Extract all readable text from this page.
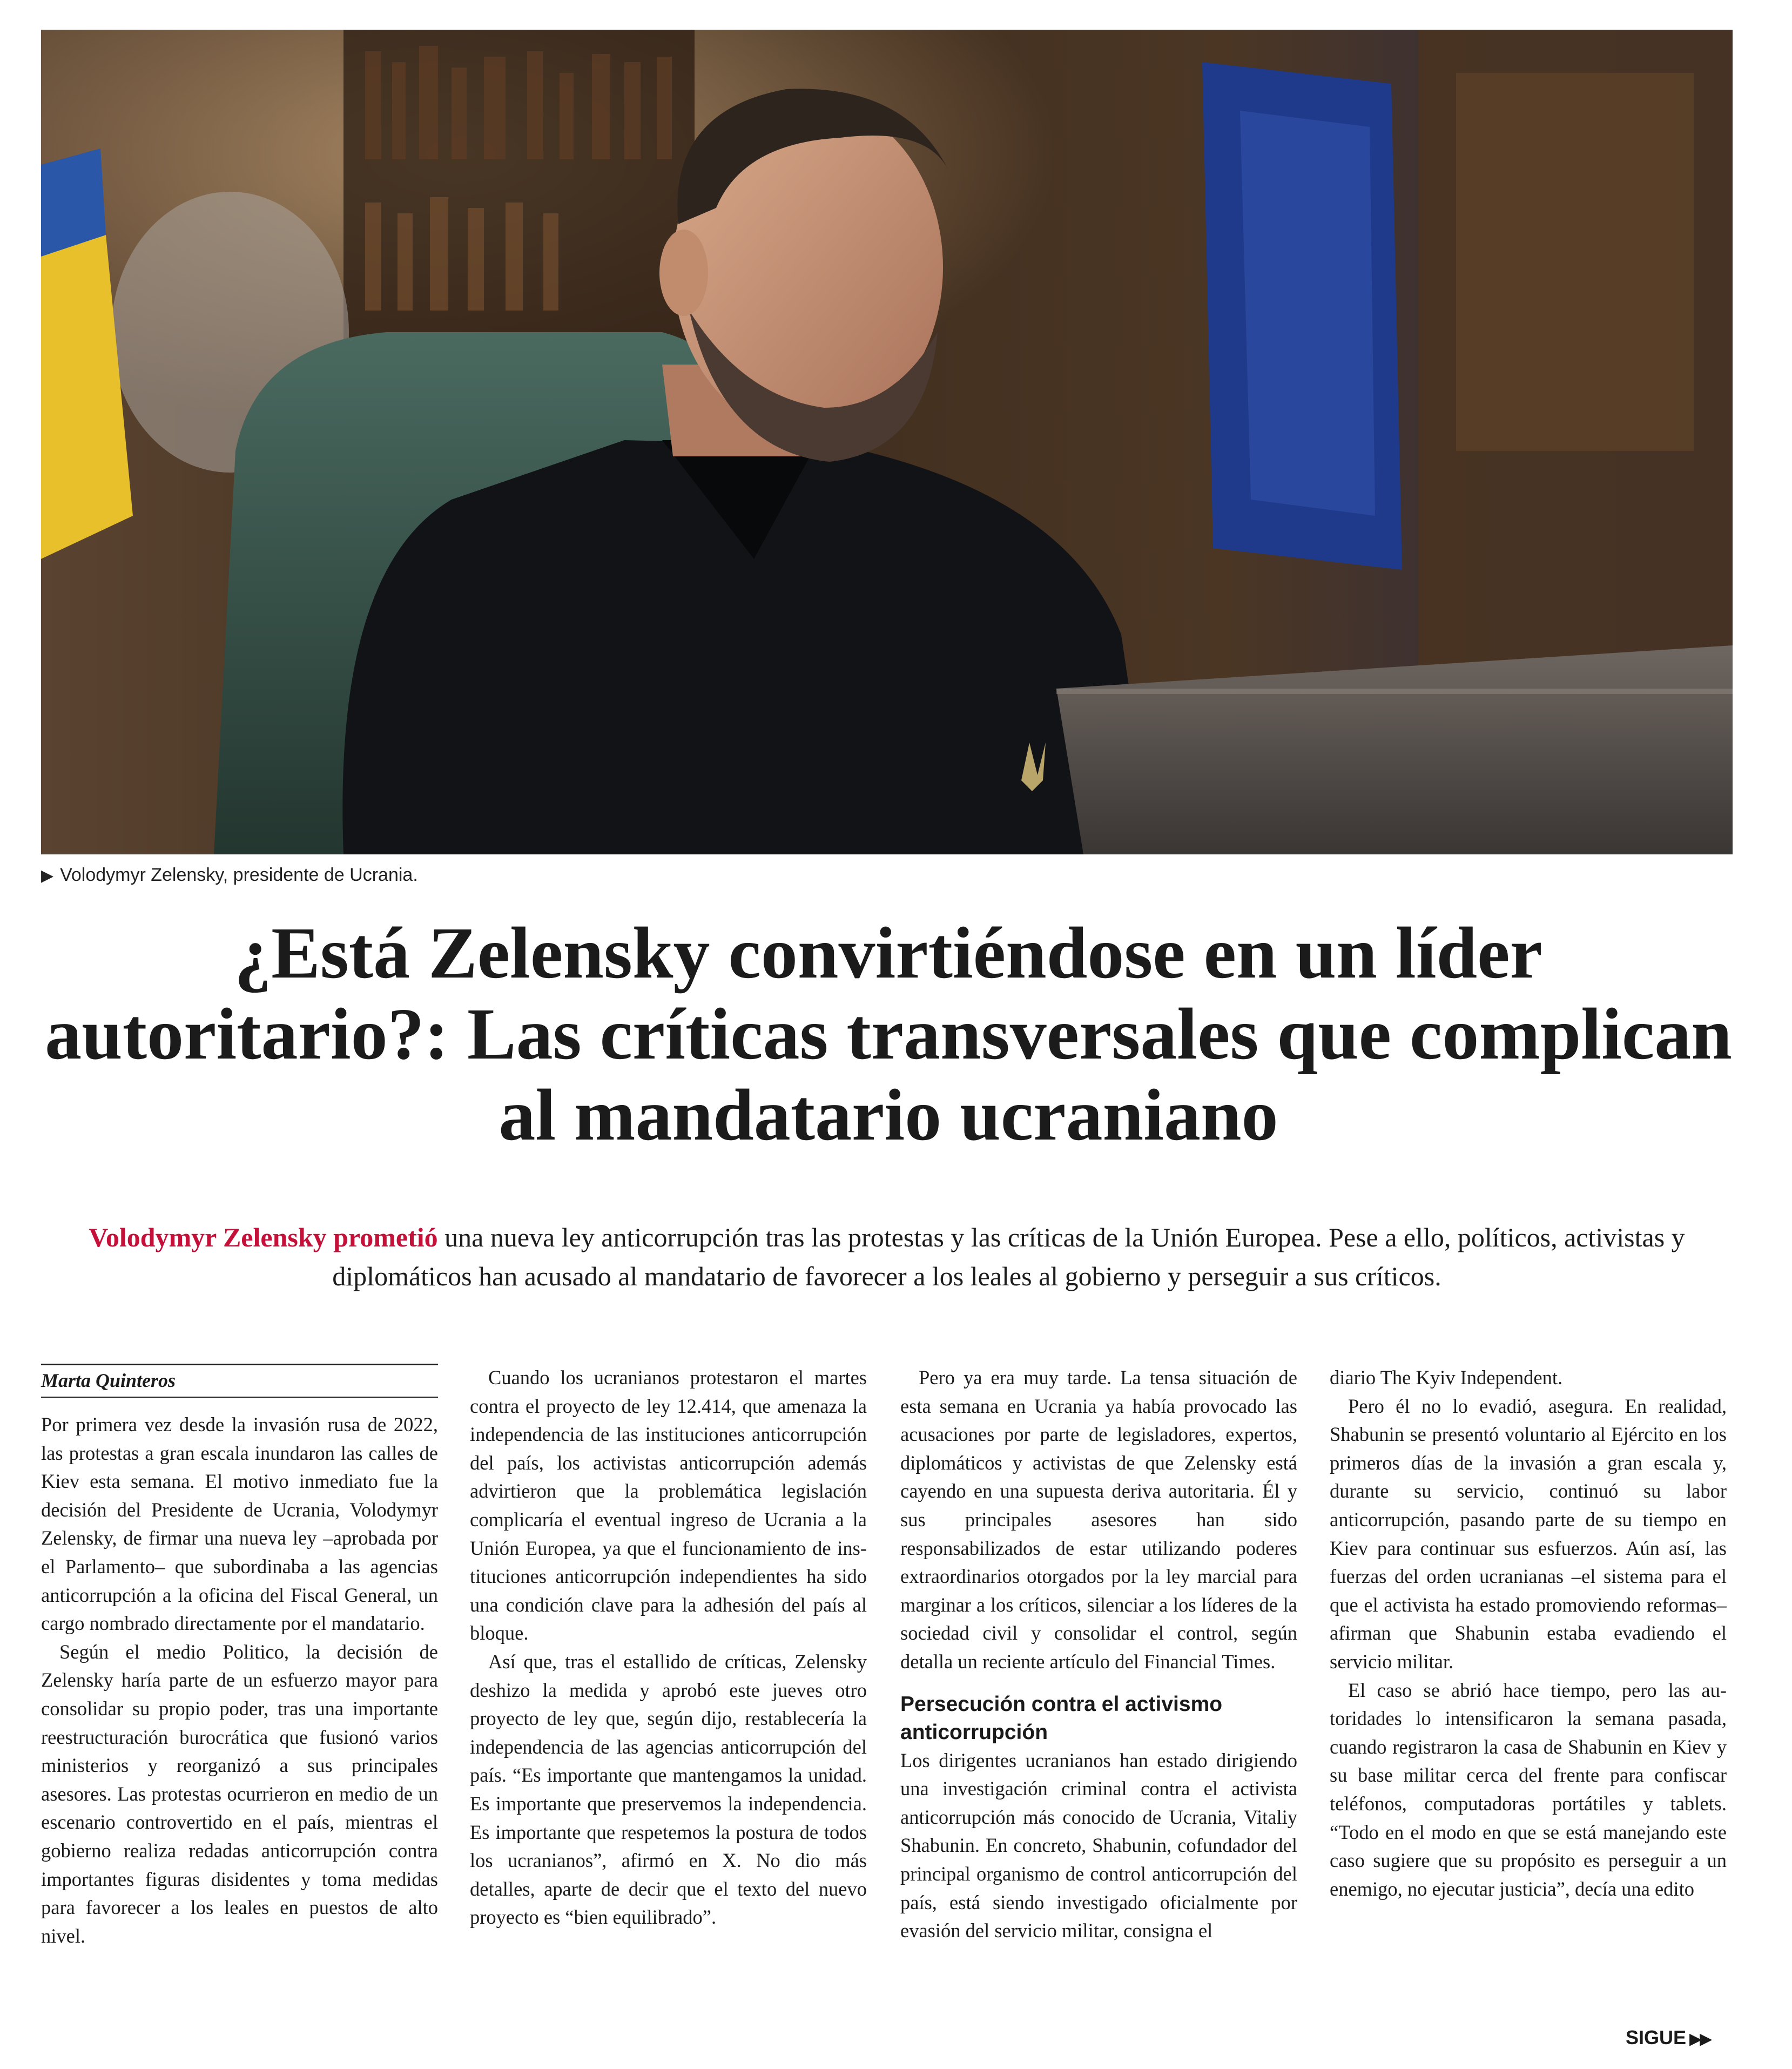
▶ Volodymyr Zelensky, presidente de Ucrania.
¿Está Zelensky convirtiéndose en un líder autoritario?: Las críticas transversales que complican al mandatario ucraniano

Volodymyr Zelensky prometió una nueva ley anticorrupción tras las protestas y las críticas de la Unión Europea. Pese a ello, políticos, activistas y diplomáticos han acusado al mandatario de favorecer a los leales al gobierno y perseguir a sus críticos.

Marta Quinteros

Por primera vez desde la invasión rusa de 2022, las protestas a gran escala inundaron las calles de Kiev esta semana. El motivo inmediato fue la decisión del Presidente de Ucrania, Volodymyr Zelensky, de firmar una nueva ley –aprobada por el Parlamento– que subordinaba a las agencias anticorrupción a la oficina del Fiscal General, un cargo nombrado directamente por el mandatario.

Según el medio Politico, la decisión de Zelensky haría parte de un esfuerzo mayor para consolidar su propio poder, tras una importante reestructuración burocrática que fusionó varios ministerios y reorganizó a sus principales asesores. Las protestas ocurrieron en medio de un escenario controvertido en el país, mientras el gobierno realiza redadas anticorrupción contra importantes figuras disidentes y toma medidas para favorecer a los leales en puestos de alto nivel.

Cuando los ucranianos protestaron el martes contra el proyecto de ley 12.414, que amenaza la independencia de las instituciones anticorrupción del país, los activistas anticorrupción además advirtieron que la problemática legislación complicaría el eventual ingreso de Ucrania a la Unión Europea, ya que el funcionamiento de instituciones anticorrupción independientes ha sido una condición clave para la adhesión del país al bloque.

Así que, tras el estallido de críticas, Zelensky deshizo la medida y aprobó este jueves otro proyecto de ley que, según dijo, restablecería la independencia de las agencias anticorrupción del país. “Es importante que mantengamos la unidad. Es importante que preservemos la independencia. Es importante que respetemos la postura de todos los ucranianos”, afirmó en X. No dio más detalles, aparte de decir que el texto del nuevo proyecto es “bien equilibrado”.

Pero ya era muy tarde. La tensa situación de esta semana en Ucrania ya había provocado las acusaciones por parte de legisladores, expertos, diplomáticos y activistas de que Zelensky está cayendo en una supuesta deriva autoritaria. Él y sus principales asesores han sido responsabilizados de estar utilizando poderes extraordinarios otorgados por la ley marcial para marginar a los críticos, silenciar a los líderes de la sociedad civil y consolidar el control, según detalla un reciente artículo del Financial Times.

Persecución contra el activismo anticorrupción

Los dirigentes ucranianos han estado dirigiendo una investigación criminal contra el activista anticorrupción más conocido de Ucrania, Vitaliy Shabunin. En concreto, Shabunin, cofundador del principal organismo de control anticorrupción del país, está siendo investigado oficialmente por evasión del servicio militar, consigna el

diario The Kyiv Independent.

Pero él no lo evadió, asegura. En realidad, Shabunin se presentó voluntario al Ejército en los primeros días de la invasión a gran escala y, durante su servicio, continuó su labor anticorrupción, pasando parte de su tiempo en Kiev para continuar sus esfuerzos. Aún así, las fuerzas del orden ucranianas –el sistema para el que el activista ha estado promoviendo reformas– afirman que Shabunin estaba evadiendo el servicio militar.

El caso se abrió hace tiempo, pero las autoridades lo intensificaron la semana pasada, cuando registraron la casa de Shabunin en Kiev y su base militar cerca del frente para confiscar teléfonos, computadoras portátiles y tablets. “Todo en el modo en que se está manejando este caso sugiere que su propósito es perseguir a un enemigo, no ejecutar justicia”, decía una edito

SIGUE ▶▶
